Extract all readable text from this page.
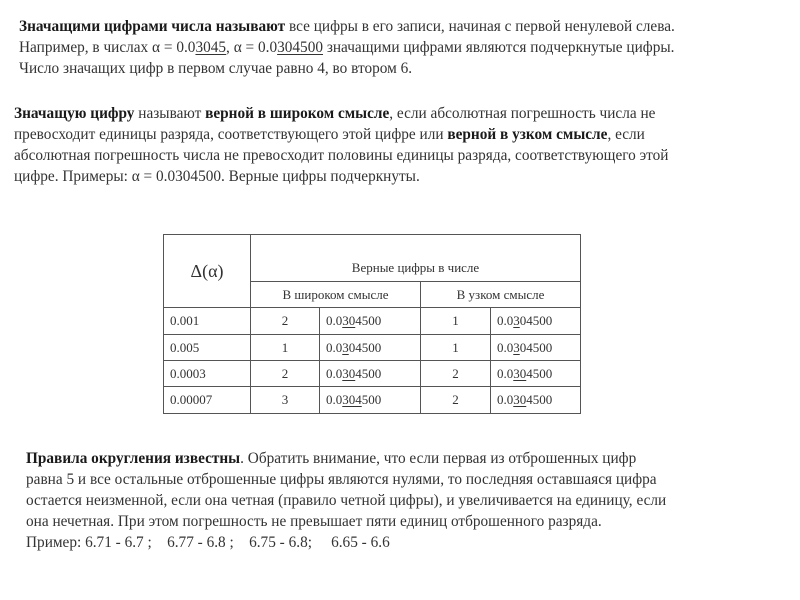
Значащими цифрами числа называют все цифры в его записи, начиная с первой ненулевой слева.
Например, в числах α = 0.03045, α = 0.0304500 значащими цифрами являются подчеркнутые цифры.
Число значащих цифр в первом случае равно 4, во втором 6.
Значащую цифру называют верной в широком смысле, если абсолютная погрешность числа не
превосходит единицы разряда, соответствующего этой цифре или верной в узком смысле, если
абсолютная погрешность числа не превосходит половины единицы разряда, соответствующего этой
цифре. Примеры: α = 0.0304500. Верные цифры подчеркнуты.
Δ(α)	Верные цифры в числе			
	В широком смысле		В узком смысле	
0.001	2	0.0304500	1	0.0304500
0.005	1	0.0304500	1	0.0304500
0.0003	2	0.0304500	2	0.0304500
0.00007	3	0.0304500	2	0.0304500
Правила округления известны. Обратить внимание, что если первая из отброшенных цифр
равна 5 и все остальные отброшенные цифры являются нулями, то последняя оставшаяся цифра
остается неизменной, если она четная (правило четной цифры), и увеличивается на единицу, если
она нечетная. При этом погрешность не превышает пяти единиц отброшенного разряда.
Пример: 6.71 - 6.7 ;    6.77 - 6.8 ;    6.75 - 6.8;     6.65 - 6.6
